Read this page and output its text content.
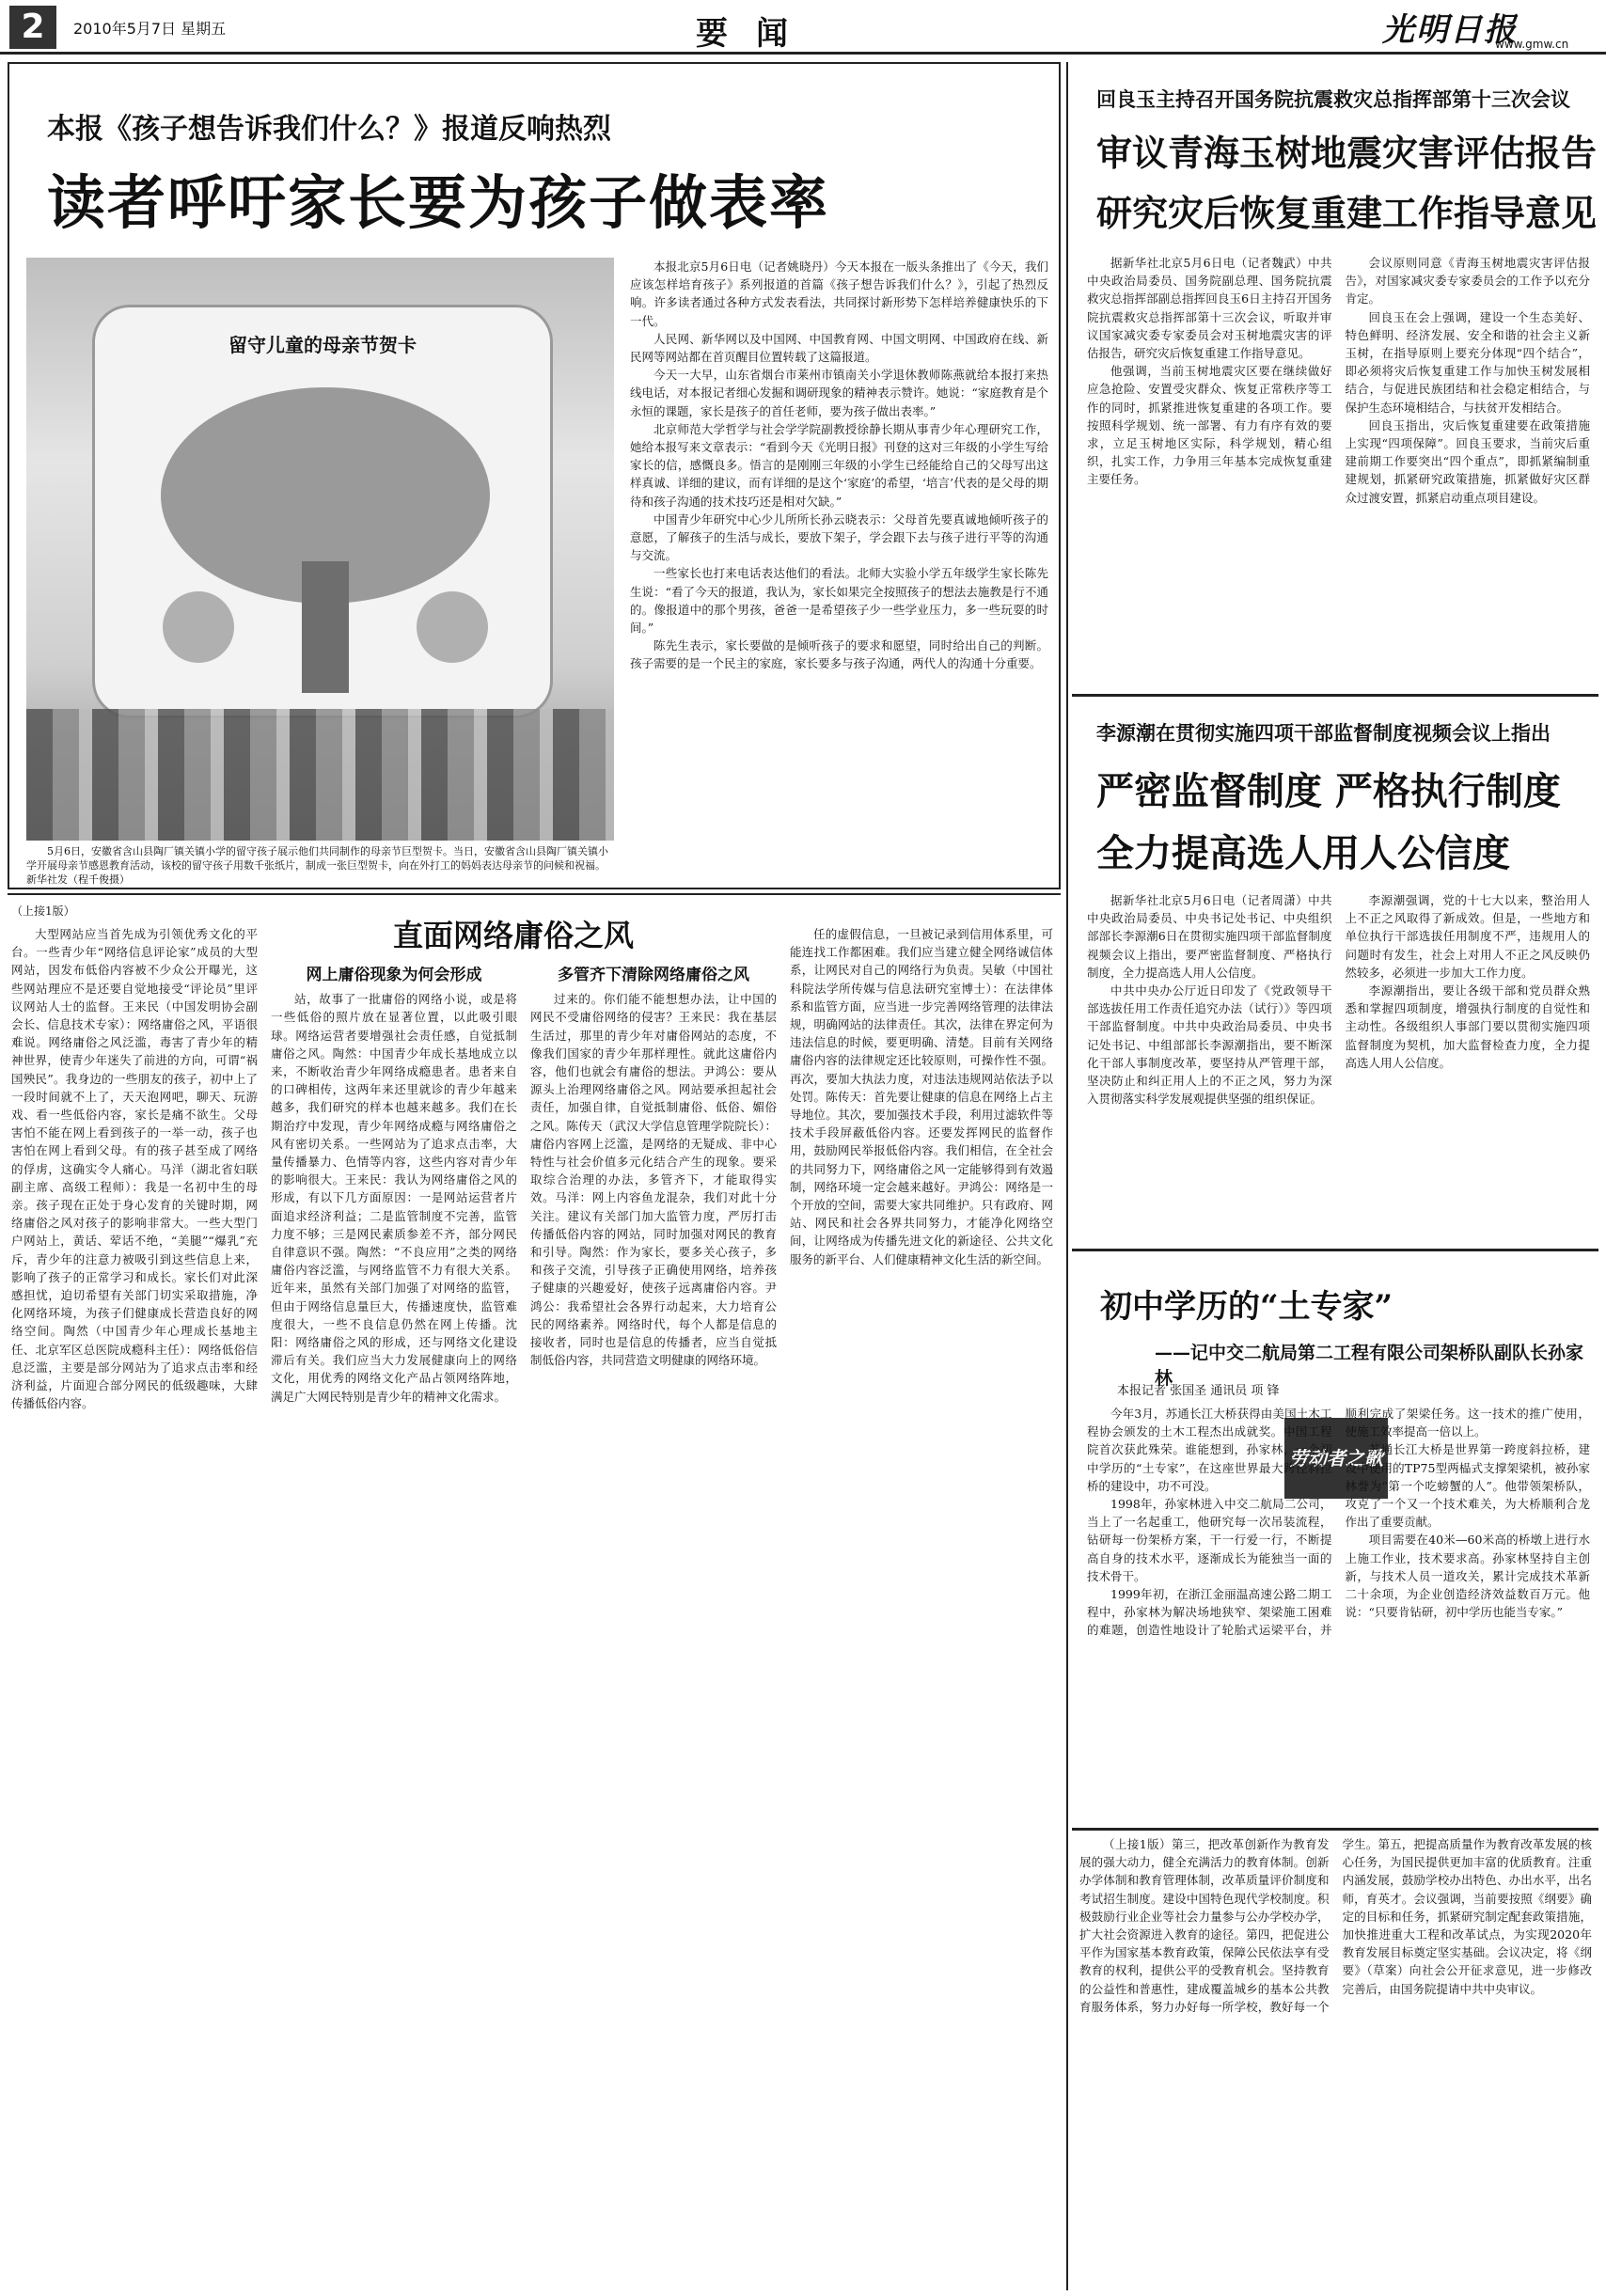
2	2010年5月7日 星期五	要闻	光明日报
www.gmw.cn
本报《孩子想告诉我们什么？》报道反响热烈
读者呼吁家长要为孩子做表率
留守儿童的母亲节贺卡
5月6日，安徽省含山县陶厂镇关镇小学的留守孩子展示他们共同制作的母亲节巨型贺卡。当日，安徽省含山县陶厂镇关镇小学开展母亲节感恩教育活动，该校的留守孩子用数千张纸片，制成一张巨型贺卡，向在外打工的妈妈表达母亲节的问候和祝福。新华社发（程千俊摄）

本报北京5月6日电（记者姚晓丹）今天本报在一版头条推出了《今天，我们应该怎样培育孩子》系列报道的首篇《孩子想告诉我们什么？》，引起了热烈反响。许多读者通过各种方式发表看法，共同探讨新形势下怎样培养健康快乐的下一代。

人民网、新华网以及中国网、中国教育网、中国文明网、中国政府在线、新民网等网站都在首页醒目位置转载了这篇报道。

今天一大早，山东省烟台市莱州市镇南关小学退休教师陈燕就给本报打来热线电话，对本报记者细心发掘和调研现象的精神表示赞许。她说：“家庭教育是个永恒的课题，家长是孩子的首任老师，要为孩子做出表率。”

北京师范大学哲学与社会学学院副教授徐静长期从事青少年心理研究工作，她给本报写来文章表示：“看到今天《光明日报》刊登的这对三年级的小学生写给家长的信，感慨良多。悟言的是刚刚三年级的小学生已经能给自己的父母写出这样真诚、详细的建议，而有详细的是这个‘家庭’的希望，‘培言’代表的是父母的期待和孩子沟通的技术技巧还是相对欠缺。”

中国青少年研究中心少儿所所长孙云晓表示：父母首先要真诚地倾听孩子的意愿，了解孩子的生活与成长，要放下架子，学会跟下去与孩子进行平等的沟通与交流。

一些家长也打来电话表达他们的看法。北师大实验小学五年级学生家长陈先生说：“看了今天的报道，我认为，家长如果完全按照孩子的想法去施教是行不通的。像报道中的那个男孩，爸爸一是希望孩子少一些学业压力，多一些玩耍的时间。”

陈先生表示，家长要做的是倾听孩子的要求和愿望，同时给出自己的判断。孩子需要的是一个民主的家庭，家长要多与孩子沟通，两代人的沟通十分重要。

回良玉主持召开国务院抗震救灾总指挥部第十三次会议
审议青海玉树地震灾害评估报告
研究灾后恢复重建工作指导意见

据新华社北京5月6日电（记者魏武）中共中央政治局委员、国务院副总理、国务院抗震救灾总指挥部副总指挥回良玉6日主持召开国务院抗震救灾总指挥部第十三次会议，听取并审议国家减灾委专家委员会对玉树地震灾害的评估报告，研究灾后恢复重建工作指导意见。

他强调，当前玉树地震灾区要在继续做好应急抢险、安置受灾群众、恢复正常秩序等工作的同时，抓紧推进恢复重建的各项工作。要按照科学规划、统一部署、有力有序有效的要求，立足玉树地区实际，科学规划，精心组织，扎实工作，力争用三年基本完成恢复重建主要任务。

会议原则同意《青海玉树地震灾害评估报告》，对国家减灾委专家委员会的工作予以充分肯定。

回良玉在会上强调，建设一个生态美好、特色鲜明、经济发展、安全和谐的社会主义新玉树，在指导原则上要充分体现“四个结合”，即必须将灾后恢复重建工作与加快玉树发展相结合，与促进民族团结和社会稳定相结合，与保护生态环境相结合，与扶贫开发相结合。

回良玉指出，灾后恢复重建要在政策措施上实现“四项保障”。回良玉要求，当前灾后重建前期工作要突出“四个重点”，即抓紧编制重建规划，抓紧研究政策措施，抓紧做好灾区群众过渡安置，抓紧启动重点项目建设。

李源潮在贯彻实施四项干部监督制度视频会议上指出
严密监督制度 严格执行制度
全力提高选人用人公信度

据新华社北京5月6日电（记者周潇）中共中央政治局委员、中央书记处书记、中央组织部部长李源潮6日在贯彻实施四项干部监督制度视频会议上指出，要严密监督制度、严格执行制度，全力提高选人用人公信度。

中共中央办公厅近日印发了《党政领导干部选拔任用工作责任追究办法（试行）》等四项干部监督制度。中共中央政治局委员、中央书记处书记、中组部部长李源潮指出，要不断深化干部人事制度改革，要坚持从严管理干部，坚决防止和纠正用人上的不正之风，努力为深入贯彻落实科学发展观提供坚强的组织保证。

李源潮强调，党的十七大以来，整治用人上不正之风取得了新成效。但是，一些地方和单位执行干部选拔任用制度不严，违规用人的问题时有发生，社会上对用人不正之风反映仍然较多，必须进一步加大工作力度。

李源潮指出，要让各级干部和党员群众熟悉和掌握四项制度，增强执行制度的自觉性和主动性。各级组织人事部门要以贯彻实施四项监督制度为契机，加大监督检查力度，全力提高选人用人公信度。

初中学历的“土专家”
——记中交二航局第二工程有限公司架桥队副队长孙家林
本报记者 张国圣 通讯员 项 锋
劳动者之歌

今年3月，苏通长江大桥获得由美国土木工程协会颁发的土木工程杰出成就奖。中国工程院首次获此殊荣。谁能想到，孙家林，一个初中学历的“土专家”，在这座世界最大跨径斜拉桥的建设中，功不可没。

1998年，孙家林进入中交二航局二公司，当上了一名起重工，他研究每一次吊装流程，钻研每一份架桥方案，干一行爱一行，不断提高自身的技术水平，逐渐成长为能独当一面的技术骨干。

1999年初，在浙江金丽温高速公路二期工程中，孙家林为解决场地狭窄、架梁施工困难的难题，创造性地设计了轮胎式运梁平台，并顺利完成了架梁任务。这一技术的推广使用，使施工效率提高一倍以上。

苏通长江大桥是世界第一跨度斜拉桥，建设中使用的TP75型两榀式支撑架梁机，被孙家林誉为“第一个吃螃蟹的人”。他带领架桥队，攻克了一个又一个技术难关，为大桥顺利合龙作出了重要贡献。

项目需要在40米—60米高的桥墩上进行水上施工作业，技术要求高。孙家林坚持自主创新，与技术人员一道攻关，累计完成技术革新二十余项，为企业创造经济效益数百万元。他说：“只要肯钻研，初中学历也能当专家。”

（上接1版）第三，把改革创新作为教育发展的强大动力，健全充满活力的教育体制。创新办学体制和教育管理体制，改革质量评价制度和考试招生制度。建设中国特色现代学校制度。积极鼓励行业企业等社会力量参与公办学校办学，扩大社会资源进入教育的途径。第四，把促进公平作为国家基本教育政策，保障公民依法享有受教育的权利，提供公平的受教育机会。坚持教育的公益性和普惠性，建成覆盖城乡的基本公共教育服务体系，努力办好每一所学校，教好每一个学生。第五，把提高质量作为教育改革发展的核心任务，为国民提供更加丰富的优质教育。注重内涵发展，鼓励学校办出特色、办出水平，出名师，育英才。会议强调，当前要按照《纲要》确定的目标和任务，抓紧研究制定配套政策措施，加快推进重大工程和改革试点，为实现2020年教育发展目标奠定坚实基础。会议决定，将《纲要》（草案）向社会公开征求意见，进一步修改完善后，由国务院提请中共中央审议。
（上接1版）
直面网络庸俗之风
大型网站应当首先成为引领优秀文化的平台。一些青少年“网络信息评论家”成员的大型网站，因发布低俗内容被不少众公开曝光，这些网站理应不是还要自觉地接受“评论员”里评议网站人士的监督。王来民（中国发明协会副会长、信息技术专家）：网络庸俗之风，平语很难说。网络庸俗之风泛滥，毒害了青少年的精神世界，使青少年迷失了前进的方向，可谓“祸国殃民”。我身边的一些朋友的孩子，初中上了一段时间就不上了，天天泡网吧，聊天、玩游戏、看一些低俗内容，家长是痛不欲生。父母害怕不能在网上看到孩子的一举一动，孩子也害怕在网上看到父母。有的孩子甚至成了网络的俘虏，这确实令人痛心。马洋（湖北省妇联副主席、高级工程师）：我是一名初中生的母亲。孩子现在正处于身心发育的关键时期，网络庸俗之风对孩子的影响非常大。一些大型门户网站上，黄话、荤话不绝，“美腿”“爆乳”充斥，青少年的注意力被吸引到这些信息上来，影响了孩子的正常学习和成长。家长们对此深感担忧，迫切希望有关部门切实采取措施，净化网络环境，为孩子们健康成长营造良好的网络空间。陶然（中国青少年心理成长基地主任、北京军区总医院成瘾科主任）：网络低俗信息泛滥，主要是部分网站为了追求点击率和经济利益，片面迎合部分网民的低级趣味，大肆传播低俗内容。
网上庸俗现象为何会形成
站，故事了一批庸俗的网络小说，或是将一些低俗的照片放在显著位置，以此吸引眼球。网络运营者要增强社会责任感，自觉抵制庸俗之风。陶然：中国青少年成长基地成立以来，不断收治青少年网络成瘾患者。患者来自的口碑相传，这两年来还里就诊的青少年越来越多，我们研究的样本也越来越多。我们在长期治疗中发现，青少年网络成瘾与网络庸俗之风有密切关系。一些网站为了追求点击率，大量传播暴力、色情等内容，这些内容对青少年的影响很大。王来民：我认为网络庸俗之风的形成，有以下几方面原因：一是网站运营者片面追求经济利益；二是监管制度不完善，监管力度不够；三是网民素质参差不齐，部分网民自律意识不强。陶然：“不良应用”之类的网络庸俗内容泛滥，与网络监管不力有很大关系。近年来，虽然有关部门加强了对网络的监管，但由于网络信息量巨大，传播速度快，监管难度很大，一些不良信息仍然在网上传播。沈阳：网络庸俗之风的形成，还与网络文化建设滞后有关。我们应当大力发展健康向上的网络文化，用优秀的网络文化产品占领网络阵地，满足广大网民特别是青少年的精神文化需求。
多管齐下清除网络庸俗之风
过来的。你们能不能想想办法，让中国的网民不受庸俗网络的侵害？王来民：我在基层生活过，那里的青少年对庸俗网站的态度，不像我们国家的青少年那样理性。就此这庸俗内容，他们也就会有庸俗的想法。尹鸿公：要从源头上治理网络庸俗之风。网站要承担起社会责任，加强自律，自觉抵制庸俗、低俗、媚俗之风。陈传天（武汉大学信息管理学院院长）：庸俗内容网上泛滥，是网络的无疑成、非中心特性与社会价值多元化结合产生的现象。要采取综合治理的办法，多管齐下，才能取得实效。马洋：网上内容鱼龙混杂，我们对此十分关注。建议有关部门加大监管力度，严厉打击传播低俗内容的网站，同时加强对网民的教育和引导。陶然：作为家长，要多关心孩子，多和孩子交流，引导孩子正确使用网络，培养孩子健康的兴趣爱好，使孩子远离庸俗内容。尹鸿公：我希望社会各界行动起来，大力培育公民的网络素养。网络时代，每个人都是信息的接收者，同时也是信息的传播者，应当自觉抵制低俗内容，共同营造文明健康的网络环境。
任的虚假信息，一旦被记录到信用体系里，可能连找工作都困难。我们应当建立健全网络诚信体系，让网民对自己的网络行为负责。吴敏（中国社科院法学所传媒与信息法研究室博士）：在法律体系和监管方面，应当进一步完善网络管理的法律法规，明确网站的法律责任。其次，法律在界定何为违法信息的时候，要更明确、清楚。目前有关网络庸俗内容的法律规定还比较原则，可操作性不强。再次，要加大执法力度，对违法违规网站依法予以处罚。陈传天：首先要让健康的信息在网络上占主导地位。其次，要加强技术手段，利用过滤软件等技术手段屏蔽低俗内容。还要发挥网民的监督作用，鼓励网民举报低俗内容。我们相信，在全社会的共同努力下，网络庸俗之风一定能够得到有效遏制，网络环境一定会越来越好。尹鸿公：网络是一个开放的空间，需要大家共同维护。只有政府、网站、网民和社会各界共同努力，才能净化网络空间，让网络成为传播先进文化的新途径、公共文化服务的新平台、人们健康精神文化生活的新空间。
